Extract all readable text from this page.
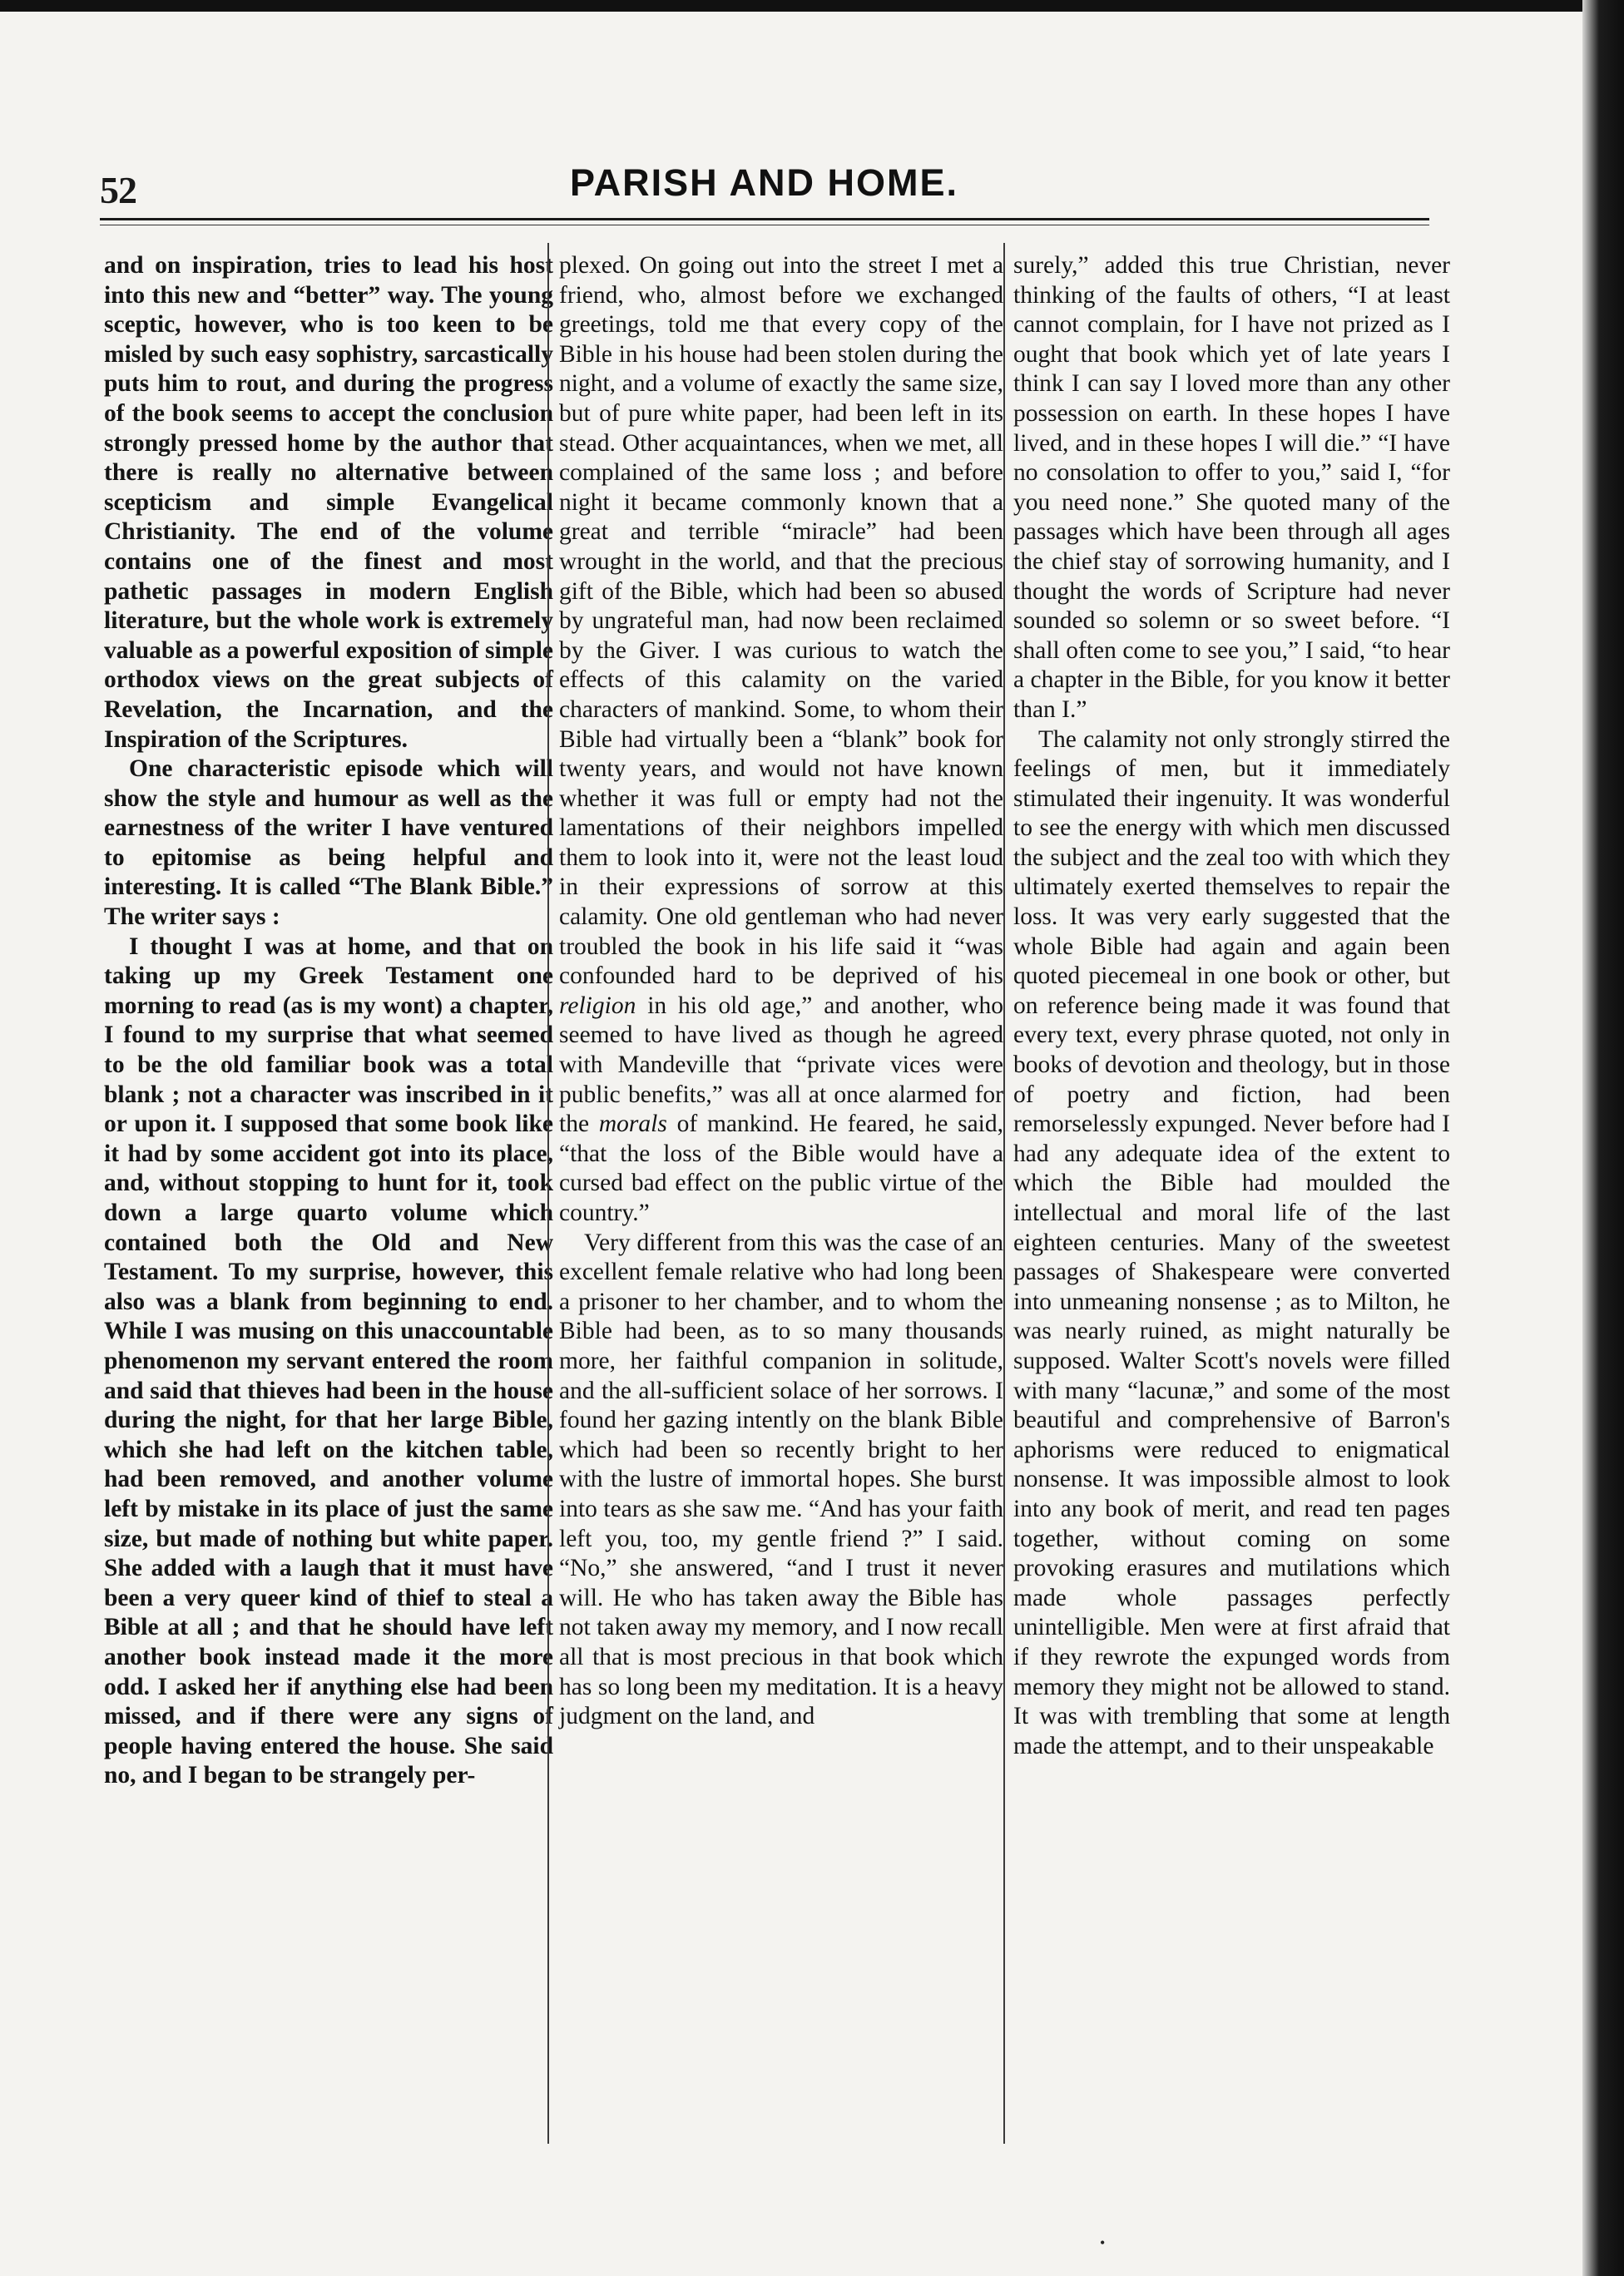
52	PARISH AND HOME.

and on inspiration, tries to lead his host into this new and “better” way. The young sceptic, however, who is too keen to be misled by such easy sophistry, sarcastically puts him to rout, and during the progress of the book seems to accept the conclusion strongly pressed home by the author that there is really no alternative between scepticism and simple Evangelical Christianity. The end of the volume contains one of the finest and most pathetic passages in modern English literature, but the whole work is extremely valuable as a powerful exposition of simple orthodox views on the great subjects of Revelation, the Incarnation, and the Inspiration of the Scriptures.

One characteristic episode which will show the style and humour as well as the earnestness of the writer I have ventured to epitomise as being helpful and interesting. It is called “The Blank Bible.” The writer says :

I thought I was at home, and that on taking up my Greek Testament one morning to read (as is my wont) a chapter, I found to my surprise that what seemed to be the old familiar book was a total blank ; not a character was inscribed in it or upon it. I supposed that some book like it had by some accident got into its place, and, without stopping to hunt for it, took down a large quarto volume which contained both the Old and New Testament. To my surprise, however, this also was a blank from beginning to end. While I was musing on this unaccountable phenomenon my servant entered the room and said that thieves had been in the house during the night, for that her large Bible, which she had left on the kitchen table, had been removed, and another volume left by mistake in its place of just the same size, but made of nothing but white paper. She added with a laugh that it must have been a very queer kind of thief to steal a Bible at all ; and that he should have left another book instead made it the more odd. I asked her if anything else had been missed, and if there were any signs of people having entered the house. She said no, and I began to be strangely per-

plexed. On going out into the street I met a friend, who, almost before we exchanged greetings, told me that every copy of the Bible in his house had been stolen during the night, and a volume of exactly the same size, but of pure white paper, had been left in its stead. Other acquaintances, when we met, all complained of the same loss ; and before night it became commonly known that a great and terrible “miracle” had been wrought in the world, and that the precious gift of the Bible, which had been so abused by ungrateful man, had now been reclaimed by the Giver. I was curious to watch the effects of this calamity on the varied characters of mankind. Some, to whom their Bible had virtually been a “blank” book for twenty years, and would not have known whether it was full or empty had not the lamentations of their neighbors impelled them to look into it, were not the least loud in their expressions of sorrow at this calamity. One old gentleman who had never troubled the book in his life said it “was confounded hard to be deprived of his religion in his old age,” and another, who seemed to have lived as though he agreed with Mandeville that “private vices were public benefits,” was all at once alarmed for the morals of mankind. He feared, he said, “that the loss of the Bible would have a cursed bad effect on the public virtue of the country.”

Very different from this was the case of an excellent female relative who had long been a prisoner to her chamber, and to whom the Bible had been, as to so many thousands more, her faithful companion in solitude, and the all-sufficient solace of her sorrows. I found her gazing intently on the blank Bible which had been so recently bright to her with the lustre of immortal hopes. She burst into tears as she saw me. “And has your faith left you, too, my gentle friend ?” I said. “No,” she answered, “and I trust it never will. He who has taken away the Bible has not taken away my memory, and I now recall all that is most precious in that book which has so long been my meditation. It is a heavy judgment on the land, and

surely,” added this true Christian, never thinking of the faults of others, “I at least cannot complain, for I have not prized as I ought that book which yet of late years I think I can say I loved more than any other possession on earth. In these hopes I have lived, and in these hopes I will die.” “I have no consolation to offer to you,” said I, “for you need none.” She quoted many of the passages which have been through all ages the chief stay of sorrowing humanity, and I thought the words of Scripture had never sounded so solemn or so sweet before. “I shall often come to see you,” I said, “to hear a chapter in the Bible, for you know it better than I.”

The calamity not only strongly stirred the feelings of men, but it immediately stimulated their ingenuity. It was wonderful to see the energy with which men discussed the subject and the zeal too with which they ultimately exerted themselves to repair the loss. It was very early suggested that the whole Bible had again and again been quoted piecemeal in one book or other, but on reference being made it was found that every text, every phrase quoted, not only in books of devotion and theology, but in those of poetry and fiction, had been remorselessly expunged. Never before had I had any adequate idea of the extent to which the Bible had moulded the intellectual and moral life of the last eighteen centuries. Many of the sweetest passages of Shakespeare were converted into unmeaning nonsense ; as to Milton, he was nearly ruined, as might naturally be supposed. Walter Scott's novels were filled with many “lacunæ,” and some of the most beautiful and comprehensive of Barron's aphorisms were reduced to enigmatical nonsense. It was impossible almost to look into any book of merit, and read ten pages together, without coming on some provoking erasures and mutilations which made whole passages perfectly unintelligible. Men were at first afraid that if they rewrote the expunged words from memory they might not be allowed to stand. It was with trembling that some at length made the attempt, and to their unspeakable

•
